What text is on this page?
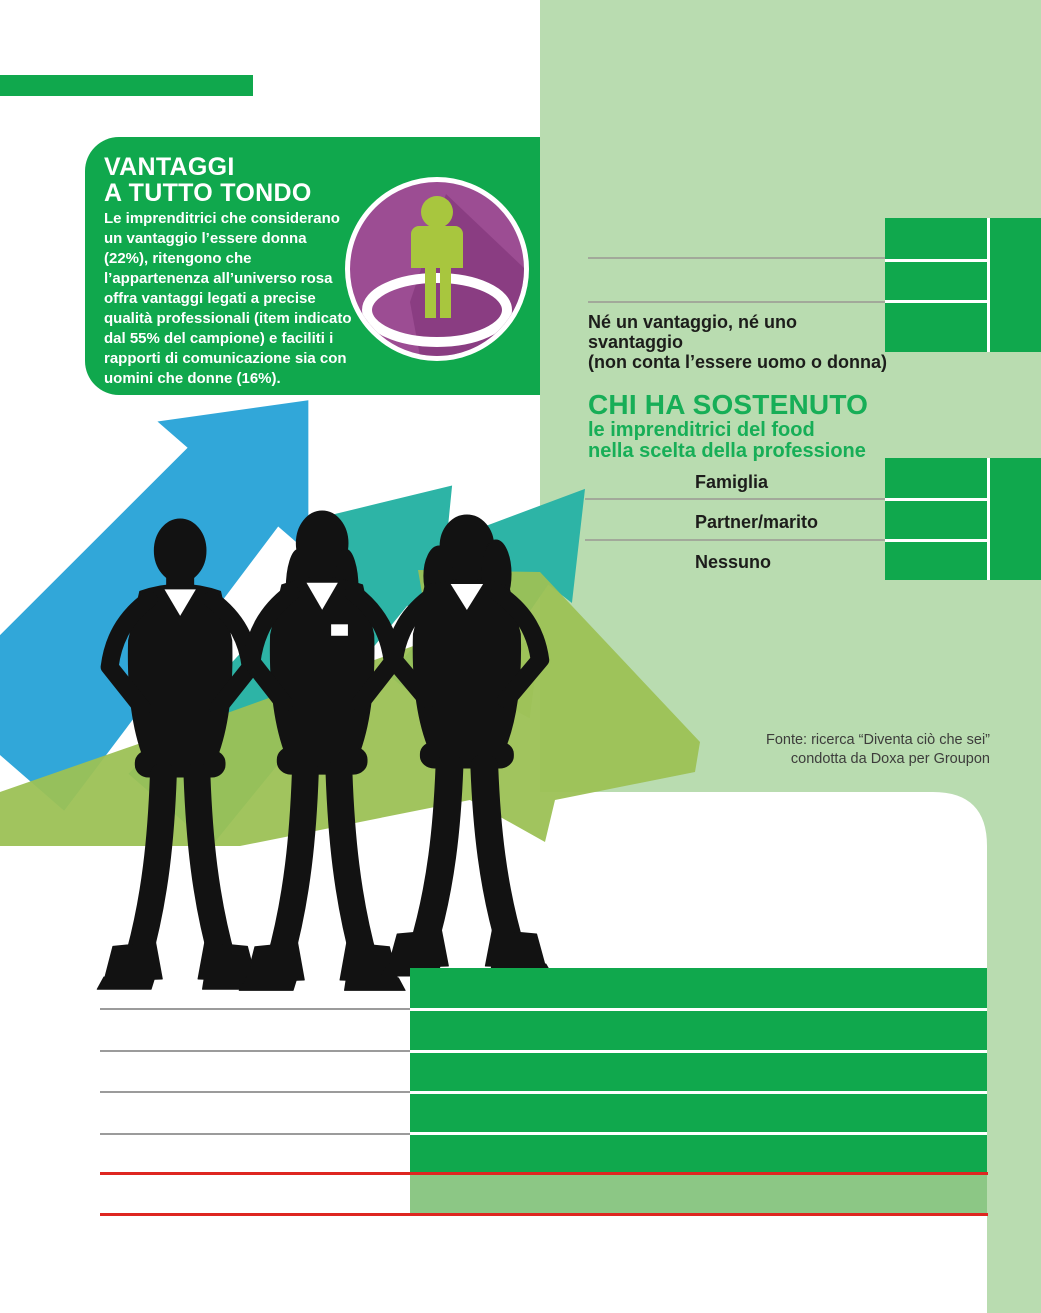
VANTAGGI
A TUTTO TONDO

Le imprenditrici che considerano un vantaggio l’essere donna (22%), ritengono che l’appartenenza all’universo rosa offra vantaggi legati a precise qualità professionali (item indicato dal 55% del campione) e faciliti i rapporti di comunicazione sia con uomini che donne (16%).

Né un vantaggio, né uno svantaggio
(non conta l’essere uomo o donna)
CHI HA SOSTENUTO
le imprenditrici del food
nella scelta della professione
Famiglia
Partner/marito
Nessuno
Fonte: ricerca “Diventa ciò che sei”
condotta da Doxa per Groupon
